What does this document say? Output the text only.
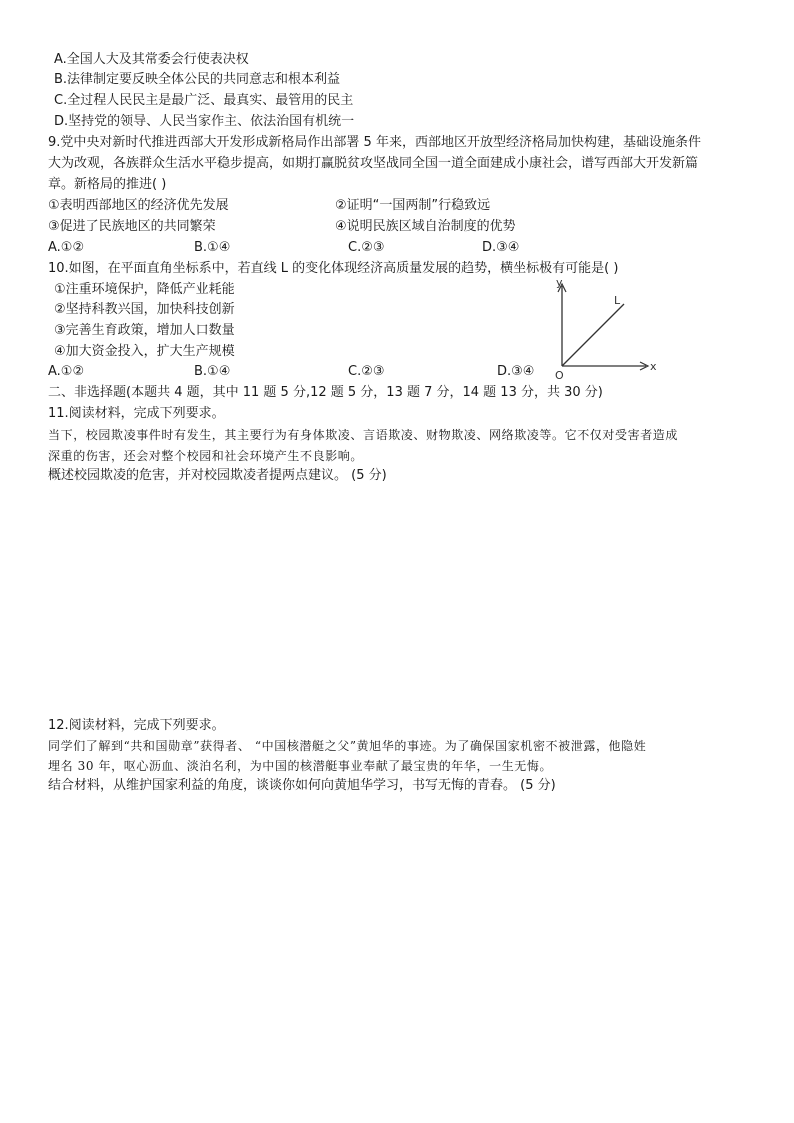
A.全国人大及其常委会行使表决权
B.法律制定要反映全体公民的共同意志和根本利益
C.全过程人民民主是最广泛、最真实、最管用的民主
D.坚持党的领导、人民当家作主、依法治国有机统一
9.党中央对新时代推进西部大开发形成新格局作出部署 5 年来，西部地区开放型经济格局加快构建，基础设施条件
大为改观，各族群众生活水平稳步提高，如期打赢脱贫攻坚战同全国一道全面建成小康社会，谱写西部大开发新篇
章。新格局的推进( )
①表明西部地区的经济优先发展	②证明“一国两制”行稳致远
③促进了民族地区的共同繁荣	④说明民族区域自治制度的优势
A.①②	B.①④	C.②③	D.③④
10.如图，在平面直角坐标系中，若直线 L 的变化体现经济高质量发展的趋势，横坐标极有可能是( )
①注重环境保护，降低产业耗能
②坚持科教兴国，加快科技创新
③完善生育政策，增加人口数量
④加大资金投入，扩大生产规模
A.①②	B.①④	C.②③	D.③④
y
x
O
L
二、非选择题(本题共 4 题，其中 11 题 5 分,12 题 5 分，13 题 7 分，14 题 13 分，共 30 分)
11.阅读材料，完成下列要求。
当下，校园欺凌事件时有发生，其主要行为有身体欺凌、言语欺凌、财物欺凌、网络欺凌等。它不仅对受害者造成
深重的伤害，还会对整个校园和社会环境产生不良影响。
概述校园欺凌的危害，并对校园欺凌者提两点建议。 (5 分)
12.阅读材料，完成下列要求。
同学们了解到“共和国勋章”获得者、 “中国核潜艇之父”黄旭华的事迹。为了确保国家机密不被泄露，他隐姓
埋名 30 年，呕心沥血、淡泊名利，为中国的核潜艇事业奉献了最宝贵的年华，一生无悔。
结合材料，从维护国家利益的角度，谈谈你如何向黄旭华学习，书写无悔的青春。 (5 分)
